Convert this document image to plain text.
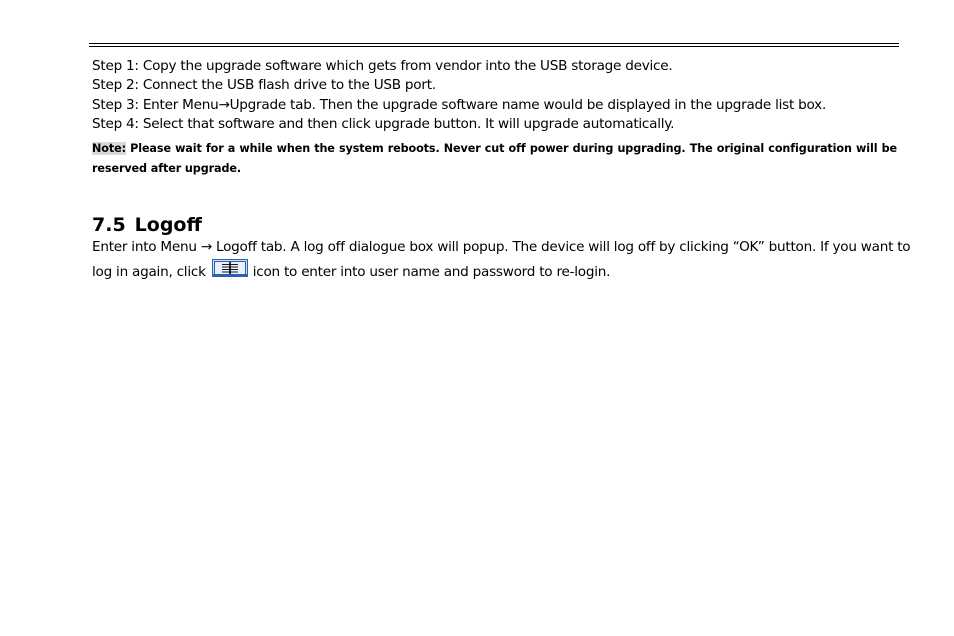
Step 1: Copy the upgrade software which gets from vendor into the USB storage device.
Step 2: Connect the USB flash drive to the USB port.
Step 3: Enter Menu→Upgrade tab. Then the upgrade software name would be displayed in the upgrade list box.
Step 4: Select that software and then click upgrade button. It will upgrade automatically.
Note: Please wait for a while when the system reboots. Never cut off power during upgrading. The original configuration will be reserved after upgrade.
7.5 Logoff
Enter into Menu → Logoff tab. A log off dialogue box will popup. The device will log off by clicking “OK” button. If you want to
log in again, click	icon to enter into user name and password to re-login.
